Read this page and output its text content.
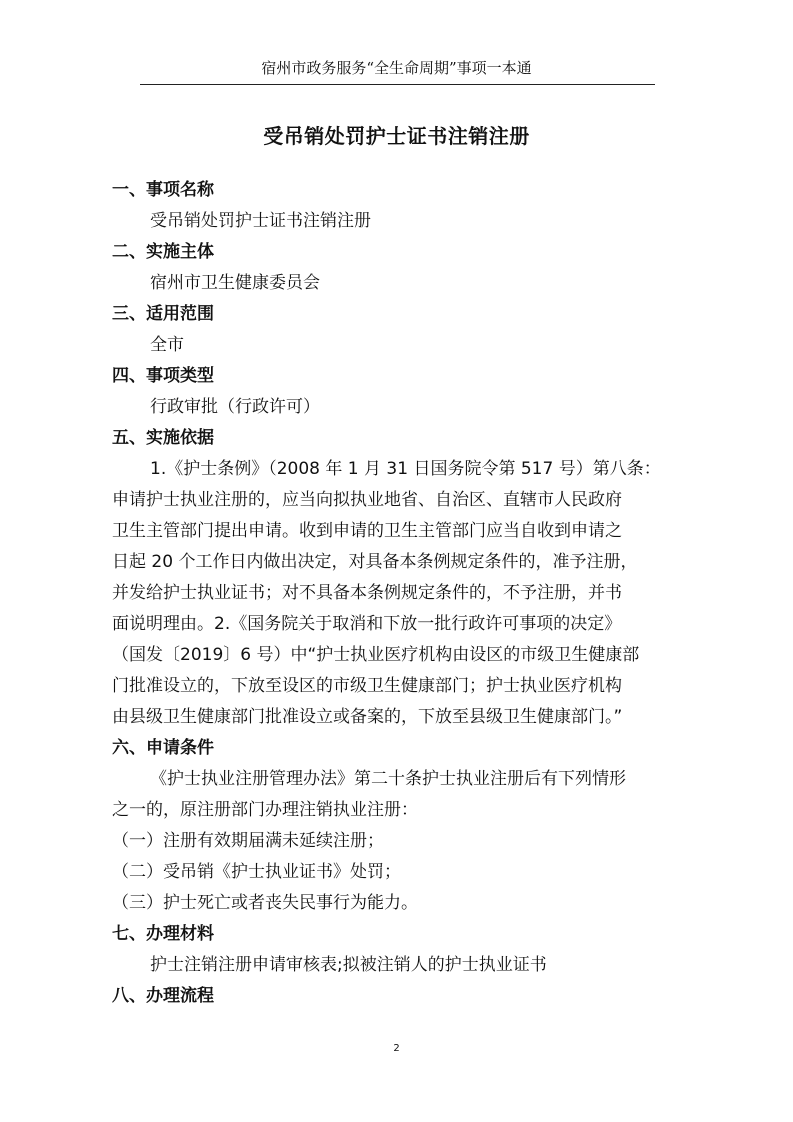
宿州市政务服务“全生命周期”事项一本通
受吊销处罚护士证书注销注册
一、事项名称
受吊销处罚护士证书注销注册
二、实施主体
宿州市卫生健康委员会
三、适用范围
全市
四、事项类型
行政审批（行政许可）
五、实施依据
1.《护士条例》（2008 年 1 月 31 日国务院令第 517 号）第八条：
申请护士执业注册的，应当向拟执业地省、自治区、直辖市人民政府
卫生主管部门提出申请。收到申请的卫生主管部门应当自收到申请之
日起 20 个工作日内做出决定，对具备本条例规定条件的，准予注册，
并发给护士执业证书；对不具备本条例规定条件的，不予注册，并书
面说明理由。2.《国务院关于取消和下放一批行政许可事项的决定》
（国发〔2019〕6 号）中“护士执业医疗机构由设区的市级卫生健康部
门批准设立的，下放至设区的市级卫生健康部门；护士执业医疗机构
由县级卫生健康部门批准设立或备案的，下放至县级卫生健康部门。”
六、申请条件
《护士执业注册管理办法》第二十条护士执业注册后有下列情形
之一的，原注册部门办理注销执业注册：
（一）注册有效期届满未延续注册；
（二）受吊销《护士执业证书》处罚；
（三）护士死亡或者丧失民事行为能力。
七、办理材料
护士注销注册申请审核表;拟被注销人的护士执业证书
八、办理流程
2
